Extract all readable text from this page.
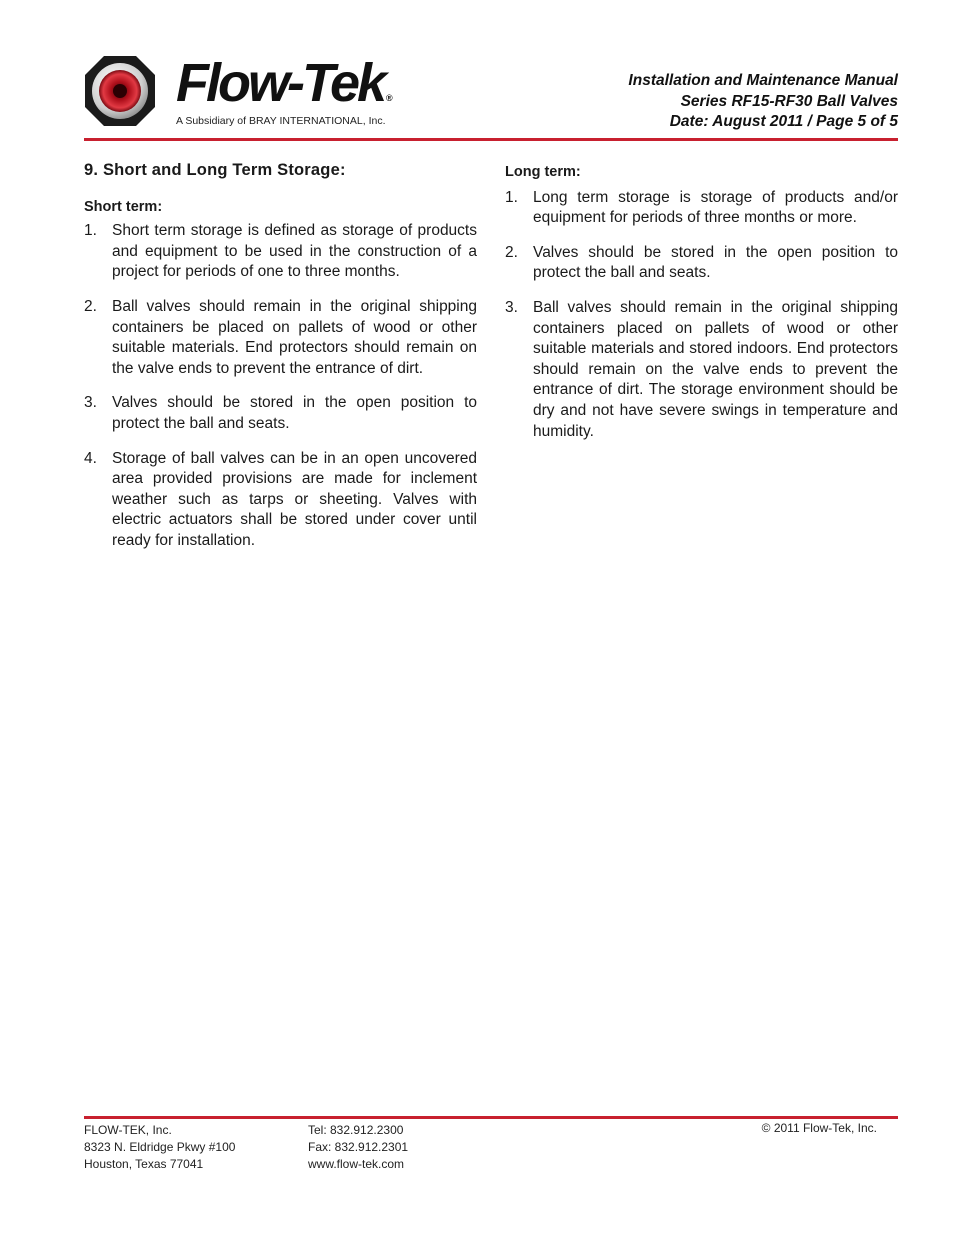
Flow-Tek ®
A Subsidiary of BRAY INTERNATIONAL, Inc.
Installation and Maintenance Manual
Series RF15-RF30 Ball Valves
Date: August 2011 / Page 5 of 5
9. Short and Long Term Storage:
Short term:
1. Short term storage is defined as storage of products and equipment to be used in the construction of a project for periods of one to three months.
2. Ball valves should remain in the original shipping containers be placed on pallets of wood or other suitable materials. End protectors should remain on the valve ends to prevent the entrance of dirt.
3. Valves should be stored in the open position to protect the ball and seats.
4. Storage of ball valves can be in an open uncovered area provided provisions are made for inclement weather such as tarps or sheeting. Valves with electric actuators shall be stored under cover until ready for installation.
Long term:
1. Long term storage is storage of products and/or equipment for periods of three months or more.
2. Valves should be stored in the open position to protect the ball and seats.
3. Ball valves should remain in the original shipping containers placed on pallets of wood or other suitable materials and stored indoors. End protectors should remain on the valve ends to prevent the entrance of dirt. The storage environment should be dry and not have severe swings in temperature and humidity.
FLOW-TEK, Inc.
8323 N. Eldridge Pkwy #100
Houston, Texas 77041
Tel: 832.912.2300
Fax: 832.912.2301
www.flow-tek.com
© 2011 Flow-Tek, Inc.
